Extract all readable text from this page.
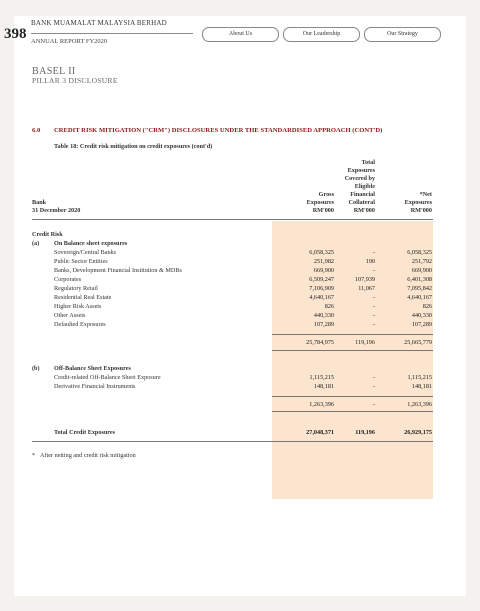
398
BANK MUAMALAT MALAYSIA BERHAD
ANNUAL REPORT FY2020
About Us	Our Leadership	Our Strategy
BASEL II
PILLAR 3 DISCLOSURE
6.0 CREDIT RISK MITIGATION ("CRM") DISCLOSURES UNDER THE STANDARDISED APPROACH (CONT'D)
Table 18: Credit risk mitigation on credit exposures (cont'd)
Bank
31 December 2020
Gross
Exposures
RM'000
Total
Exposures
Covered by
Eligible
Financial
Collateral
RM'000
*Net
Exposures
RM'000
Credit Risk
(a) On Balance sheet exposures
Sovereign/Central Banks	6,058,325	-	6,058,325
Public Sector Entities	251,982	190	251,792
Banks, Development Financial Institution & MDBs	669,900	-	669,900
Corporates	6,509,247	107,939	6,401,308
Regulatory Retail	7,106,909	11,067	7,095,842
Residential Real Estate	4,640,167	-	4,640,167
Higher Risk Assets	826	-	826
Other Assets	440,330	-	440,330
Defaulted Exposures	107,289	-	107,289
25,784,975	119,196	25,665,779
(b) Off-Balance Sheet Exposures
Credit-related Off-Balance Sheet Exposure	1,115,215	-	1,115,215
Derivative Financial Instruments	148,181	-	148,181
1,263,396	-	1,263,396
Total Credit Exposures	27,048,371	119,196	26,929,175
* After netting and credit risk mitigation
